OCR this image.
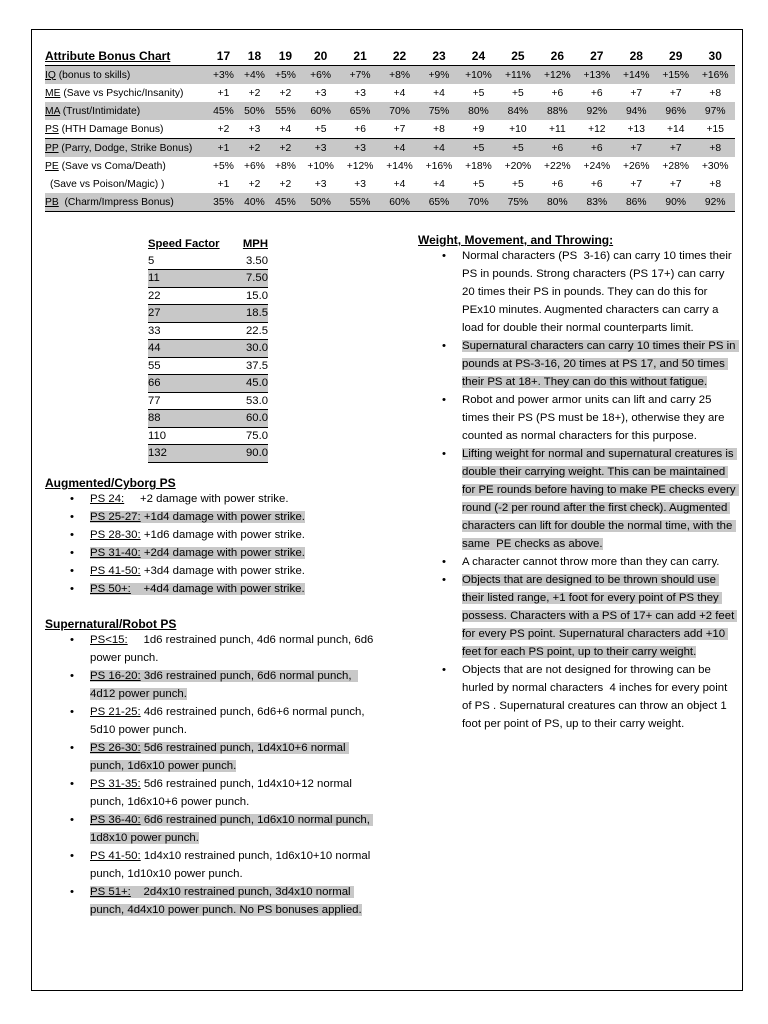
Attribute Bonus Chart	17	18	19	20	21	22	23	24	25	26	27	28	29	30
IQ (bonus to skills)	+3%	+4%	+5%	+6%	+7%	+8%	+9%	+10%	+11%	+12%	+13%	+14%	+15%	+16%
ME (Save vs Psychic/Insanity)	+1	+2	+2	+3	+3	+4	+4	+5	+5	+6	+6	+7	+7	+8
MA (Trust/Intimidate)	45%	50%	55%	60%	65%	70%	75%	80%	84%	88%	92%	94%	96%	97%
PS (HTH Damage Bonus)	+2	+3	+4	+5	+6	+7	+8	+9	+10	+11	+12	+13	+14	+15
PP (Parry, Dodge, Strike Bonus)	+1	+2	+2	+3	+3	+4	+4	+5	+5	+6	+6	+7	+7	+8
PE (Save vs Coma/Death)	+5%	+6%	+8%	+10%	+12%	+14%	+16%	+18%	+20%	+22%	+24%	+26%	+28%	+30%
(Save vs Poison/Magic) )	+1	+2	+2	+3	+3	+4	+4	+5	+5	+6	+6	+7	+7	+8
PB  (Charm/Impress Bonus)	35%	40%	45%	50%	55%	60%	65%	70%	75%	80%	83%	86%	90%	92%
Speed Factor	MPH
5	3.50
11	7.50
22	15.0
27	18.5
33	22.5
44	30.0
55	37.5
66	45.0
77	53.0
88	60.0
110	75.0
132	90.0
Augmented/Cyborg PS
• PS 24:     +2 damage with power strike.
• PS 25-27: +1d4 damage with power strike.
• PS 28-30: +1d6 damage with power strike.
• PS 31-40: +2d4 damage with power strike.
• PS 41-50: +3d4 damage with power strike.
• PS 50+:    +4d4 damage with power strike.
Supernatural/Robot PS
• PS<15:     1d6 restrained punch, 4d6 normal punch, 6d6 power punch.
• PS 16-20: 3d6 restrained punch, 6d6 normal punch,  4d12 power punch.
• PS 21-25: 4d6 restrained punch, 6d6+6 normal punch, 5d10 power punch.
• PS 26-30: 5d6 restrained punch, 1d4x10+6 normal punch, 1d6x10 power punch.
• PS 31-35: 5d6 restrained punch, 1d4x10+12 normal punch, 1d6x10+6 power punch.
• PS 36-40: 6d6 restrained punch, 1d6x10 normal punch, 1d8x10 power punch.
• PS 41-50: 1d4x10 restrained punch, 1d6x10+10 normal punch, 1d10x10 power punch.
• PS 51+:    2d4x10 restrained punch, 3d4x10 normal punch, 4d4x10 power punch. No PS bonuses applied.
Weight, Movement, and Throwing:
• Normal characters (PS  3-16) can carry 10 times their PS in pounds. Strong characters (PS 17+) can carry 20 times their PS in pounds. They can do this for PEx10 minutes. Augmented characters can carry a load for double their normal counterparts limit.
• Supernatural characters can carry 10 times their PS in pounds at PS-3-16, 20 times at PS 17, and 50 times their PS at 18+. They can do this without fatigue.
• Robot and power armor units can lift and carry 25 times their PS (PS must be 18+), otherwise they are counted as normal characters for this purpose.
• Lifting weight for normal and supernatural creatures is double their carrying weight. This can be maintained for PE rounds before having to make PE checks every round (-2 per round after the first check). Augmented characters can lift for double the normal time, with the same  PE checks as above.
• A character cannot throw more than they can carry.
• Objects that are designed to be thrown should use their listed range, +1 foot for every point of PS they possess. Characters with a PS of 17+ can add +2 feet for every PS point. Supernatural characters add +10 feet for each PS point, up to their carry weight.
• Objects that are not designed for throwing can be hurled by normal characters  4 inches for every point of PS . Supernatural creatures can throw an object 1 foot per point of PS, up to their carry weight.
